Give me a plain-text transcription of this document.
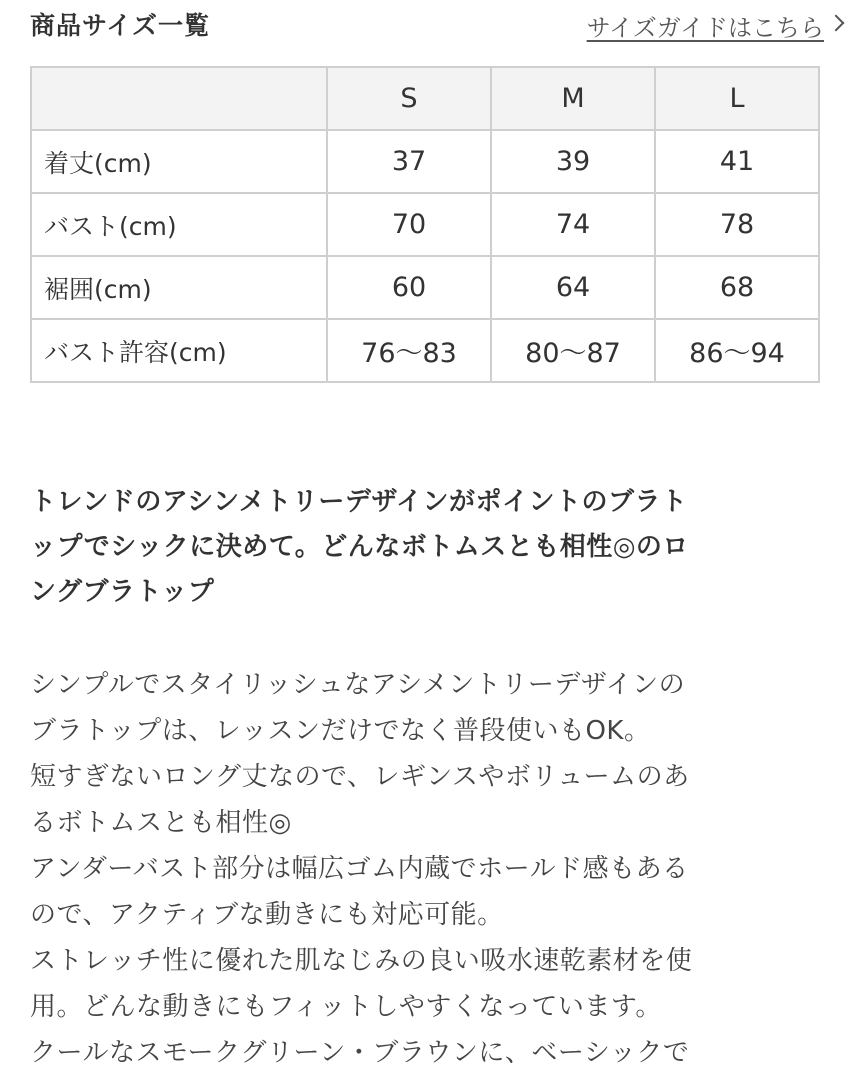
商品サイズ一覧	サイズガイドはこちら
	S	M	L
着丈(cm)	37	39	41
バスト(cm)	70	74	78
裾囲(cm)	60	64	68
バスト許容(cm)	76〜83	80〜87	86〜94
トレンドのアシンメトリーデザインがポイントのブラト
ップでシックに決めて。どんなボトムスとも相性◎のロ
ングブラトップ
シンプルでスタイリッシュなアシメントリーデザインの
ブラトップは、レッスンだけでなく普段使いもOK。
短すぎないロング丈なので、レギンスやボリュームのあ
るボトムスとも相性◎
アンダーバスト部分は幅広ゴム内蔵でホールド感もある
ので、アクティブな動きにも対応可能。
ストレッチ性に優れた肌なじみの良い吸水速乾素材を使
用。どんな動きにもフィットしやすくなっています。
クールなスモークグリーン・ブラウンに、ベーシックで
